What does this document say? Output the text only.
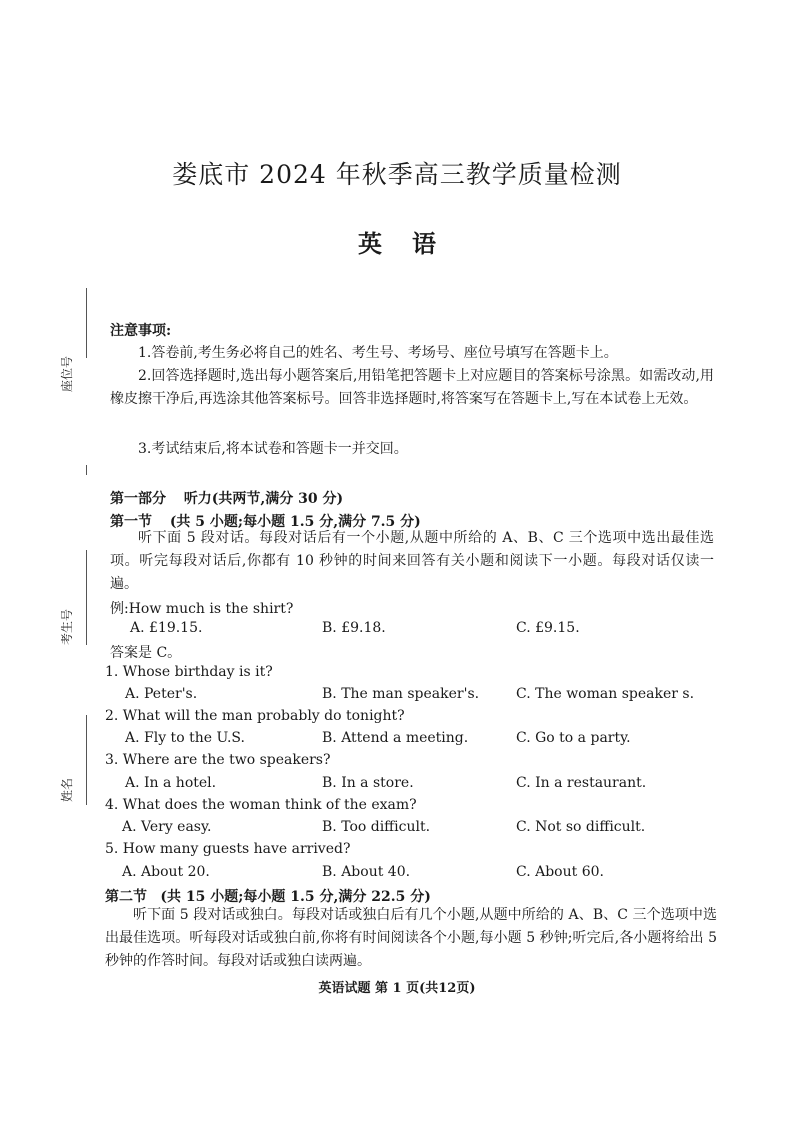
娄底市 2024 年秋季高三教学质量检测
英语
座位号
考生号
姓名
注意事项:
1.答卷前,考生务必将自己的姓名、考生号、考场号、座位号填写在答题卡上。
2.回答选择题时,选出每小题答案后,用铅笔把答题卡上对应题目的答案标号涂黑。如需改动,用橡皮擦干净后,再选涂其他答案标号。回答非选择题时,将答案写在答题卡上,写在本试卷上无效。
3.考试结束后,将本试卷和答题卡一并交回。
第一部分 听力(共两节,满分 30 分)
第一节 (共 5 小题;每小题 1.5 分,满分 7.5 分)
听下面 5 段对话。每段对话后有一个小题,从题中所给的 A、B、C 三个选项中选出最佳选项。听完每段对话后,你都有 10 秒钟的时间来回答有关小题和阅读下一小题。每段对话仅读一遍。
例:How much is the shirt?
A. £19.15.	B. £9.18.	C. £9.15.
答案是 C。
1. Whose birthday is it?
A. Peter's.	B. The man speaker's.	C. The woman speaker s.
2. What will the man probably do tonight?
A. Fly to the U.S.	B. Attend a meeting.	C. Go to a party.
3. Where are the two speakers?
A. In a hotel.	B. In a store.	C. In a restaurant.
4. What does the woman think of the exam?
A. Very easy.	B. Too difficult.	C. Not so difficult.
5. How many guests have arrived?
A. About 20.	B. About 40.	C. About 60.
第二节 (共 15 小题;每小题 1.5 分,满分 22.5 分)
听下面 5 段对话或独白。每段对话或独白后有几个小题,从题中所给的 A、B、C 三个选项中选出最佳选项。听每段对话或独白前,你将有时间阅读各个小题,每小题 5 秒钟;听完后,各小题将给出 5 秒钟的作答时间。每段对话或独白读两遍。
英语试题 第 1 页(共12页)
